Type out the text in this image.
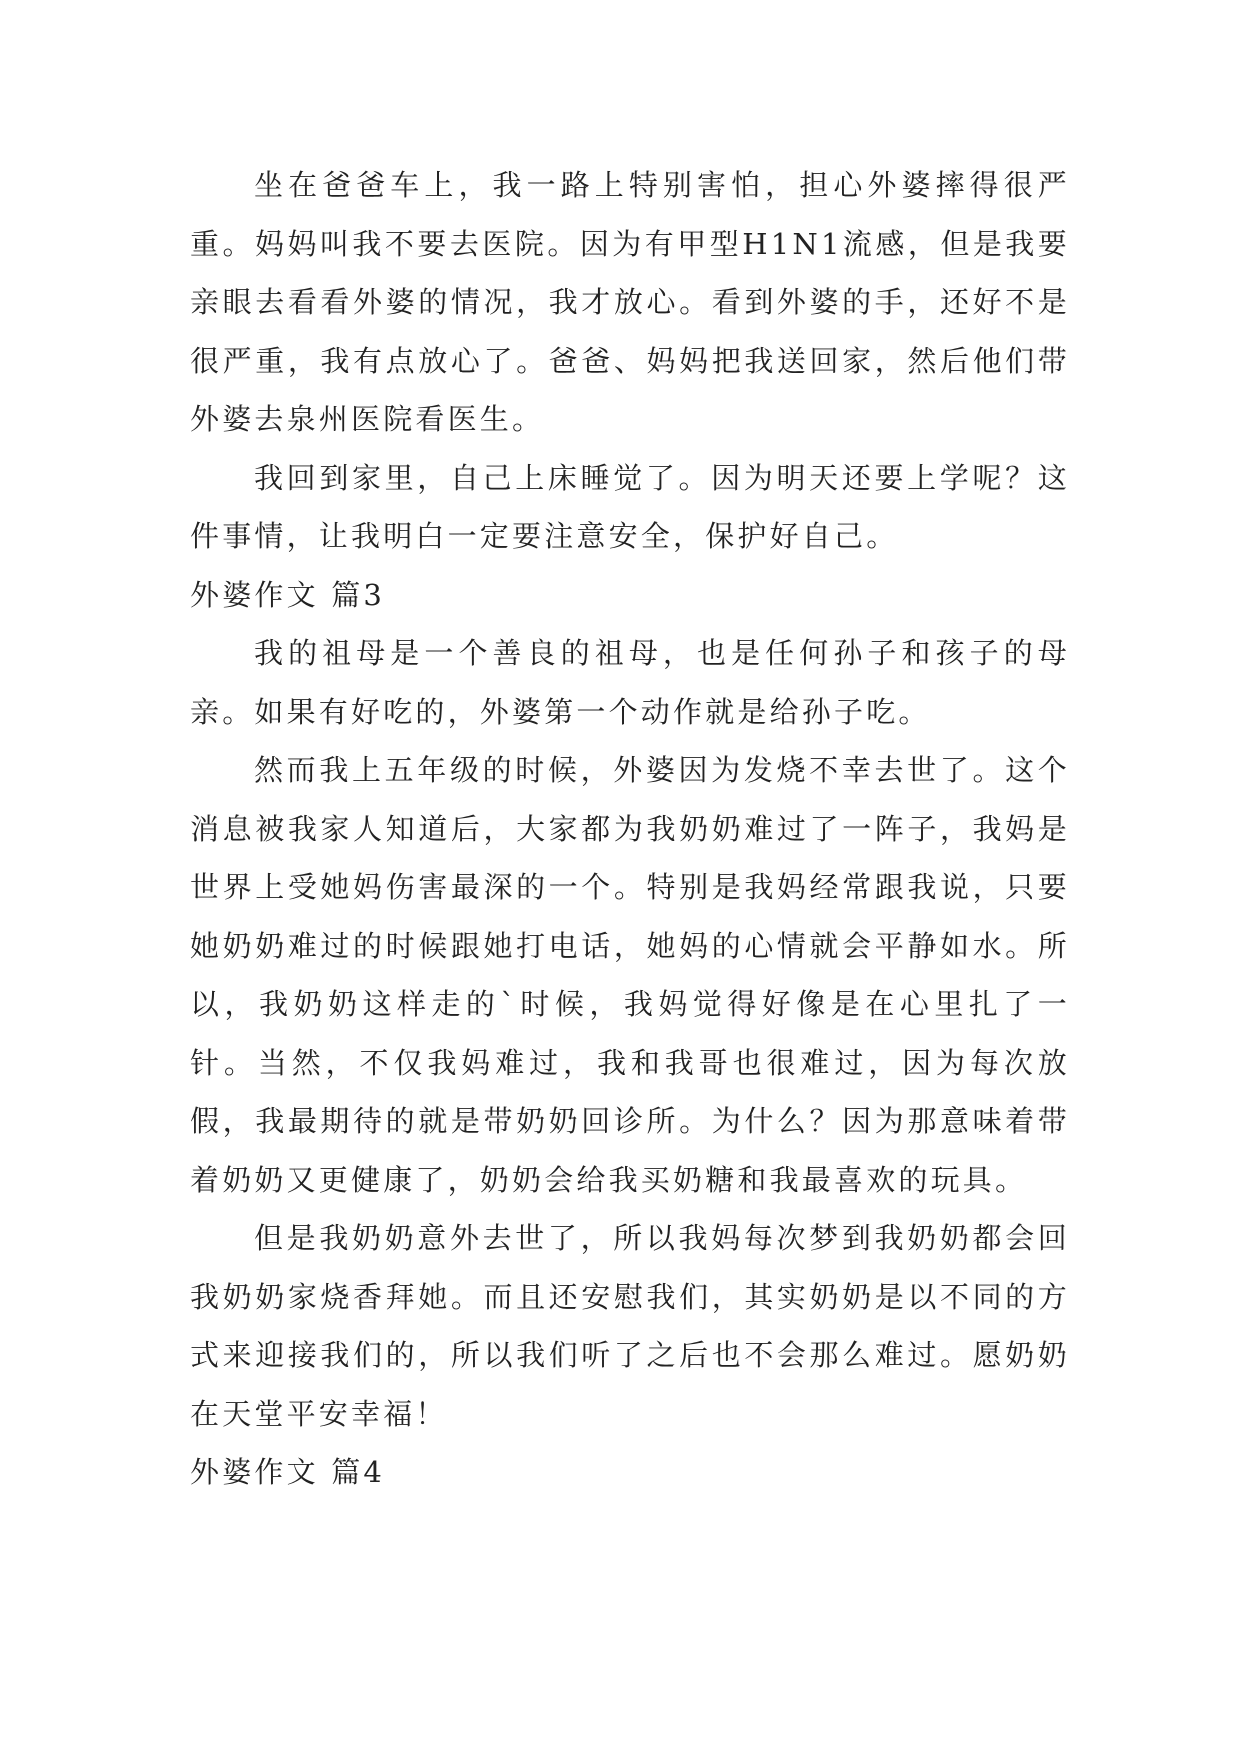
坐在爸爸车上，我一路上特别害怕，担心外婆摔得很严重。妈妈叫我不要去医院。因为有甲型H1N1流感，但是我要亲眼去看看外婆的情况，我才放心。看到外婆的手，还好不是很严重，我有点放心了。爸爸、妈妈把我送回家，然后他们带外婆去泉州医院看医生。

我回到家里，自己上床睡觉了。因为明天还要上学呢？这件事情，让我明白一定要注意安全，保护好自己。

外婆作文 篇3

我的祖母是一个善良的祖母，也是任何孙子和孩子的母亲。如果有好吃的，外婆第一个动作就是给孙子吃。

然而我上五年级的时候，外婆因为发烧不幸去世了。这个消息被我家人知道后，大家都为我奶奶难过了一阵子，我妈是世界上受她妈伤害最深的一个。特别是我妈经常跟我说，只要她奶奶难过的时候跟她打电话，她妈的心情就会平静如水。所以，我奶奶这样走的`时候，我妈觉得好像是在心里扎了一针。当然，不仅我妈难过，我和我哥也很难过，因为每次放假，我最期待的就是带奶奶回诊所。为什么？因为那意味着带着奶奶又更健康了，奶奶会给我买奶糖和我最喜欢的玩具。

但是我奶奶意外去世了，所以我妈每次梦到我奶奶都会回我奶奶家烧香拜她。而且还安慰我们，其实奶奶是以不同的方式来迎接我们的，所以我们听了之后也不会那么难过。愿奶奶在天堂平安幸福！

外婆作文 篇4
